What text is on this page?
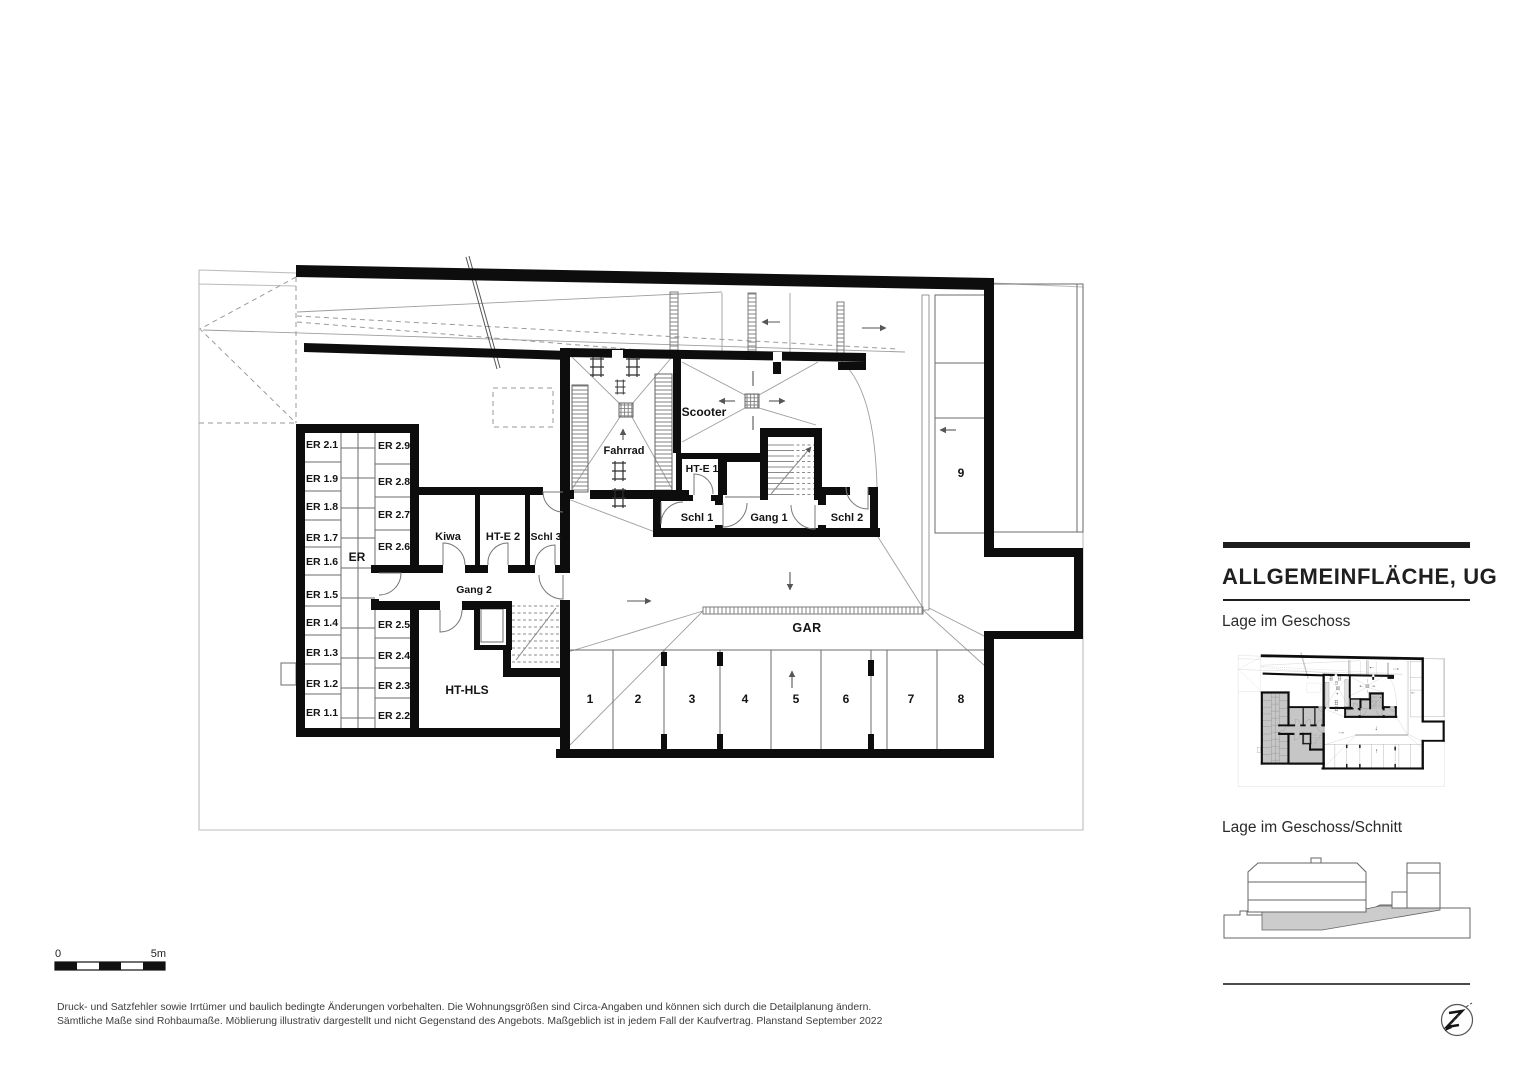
ER 2.1
ER 1.9
ER 1.8
ER 1.7
ER 1.6
ER 1.5
ER 1.4
ER 1.3
ER 1.2
ER 1.1
ER 2.9
ER 2.8
ER 2.7
ER 2.6
ER 2.5
ER 2.4
ER 2.3
ER 2.2
ER
Kiwa HT-E 2 Schl 3
Gang 2
HT-HLS
Fahrrad
Scooter
HT-E 1
Schl 1	Gang 1	Schl 2
GAR
1	2	3	4	5	6	7	8
9
ALLGEMEINFLÄCHE, UG
Lage im Geschoss
Lage im Geschoss/Schnitt
0	5m
Druck- und Satzfehler sowie Irrtümer und baulich bedingte Änderungen vorbehalten. Die Wohnungsgrößen sind Circa-Angaben und können sich durch die Detailplanung ändern.
Sämtliche Maße sind Rohbaumaße. Möblierung illustrativ dargestellt und nicht Gegenstand des Angebots. Maßgeblich ist in jedem Fall der Kaufvertrag. Planstand September 2022
